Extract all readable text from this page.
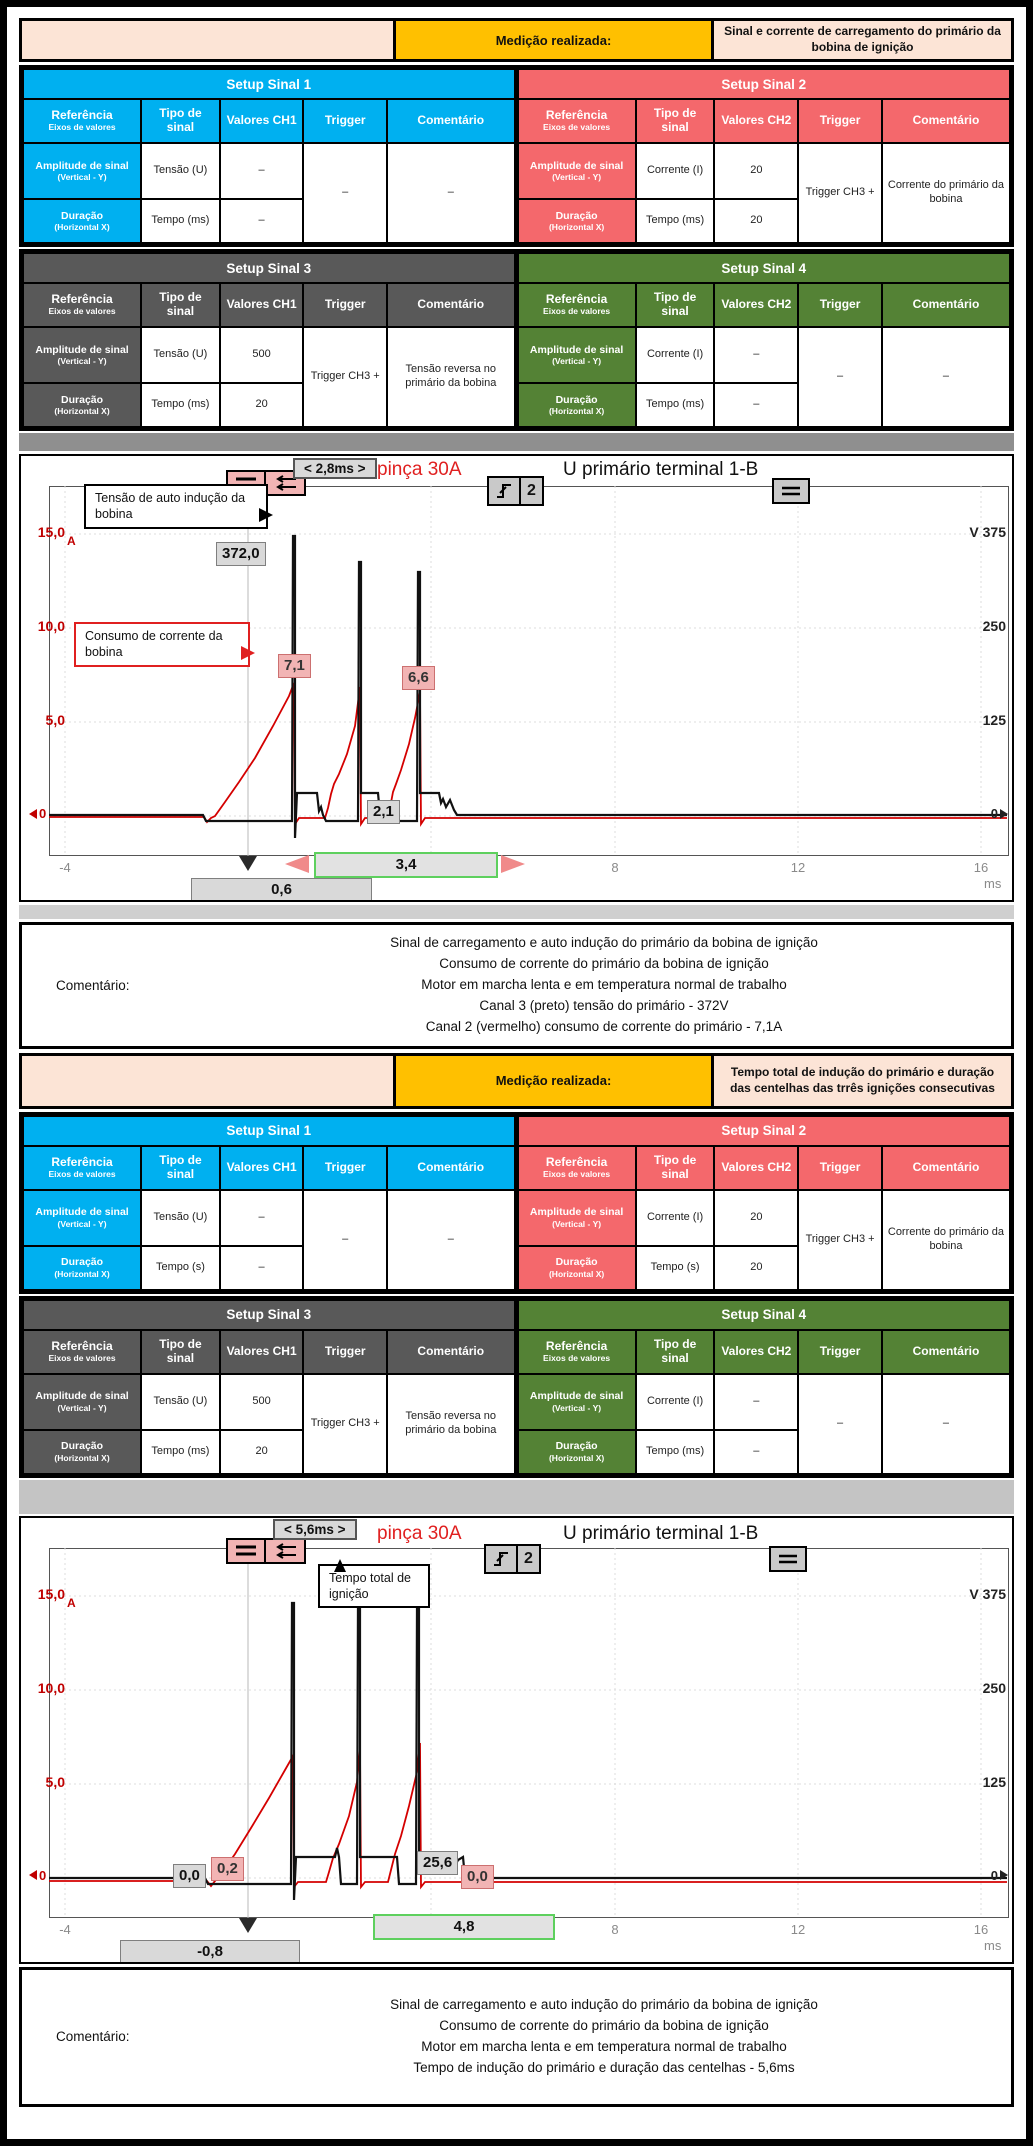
Medição realizada:
Sinal e corrente de carregamento do primário da bobina de ignição
Setup Sinal 1				
Referência
Eixos de valores	Tipo de sinal	Valores CH1	Trigger	Comentário
Amplitude de sinal
(Vertical - Y)	Tensão (U)	–	–	–
Duração
(Horizontal X)	Tempo (ms)	–		
Setup Sinal 2				
Referência
Eixos de valores	Tipo de sinal	Valores CH2	Trigger	Comentário
Amplitude de sinal
(Vertical - Y)	Corrente (I)	20	Trigger CH3 +	Corrente do primário da bobina
Duração
(Horizontal X)	Tempo (ms)	20		
Setup Sinal 3				
Referência
Eixos de valores	Tipo de sinal	Valores CH1	Trigger	Comentário
Amplitude de sinal
(Vertical - Y)	Tensão (U)	500	Trigger CH3 +	Tensão reversa no primário da bobina
Duração
(Horizontal X)	Tempo (ms)	20		
Setup Sinal 4				
Referência
Eixos de valores	Tipo de sinal	Valores CH2	Trigger	Comentário
Amplitude de sinal
(Vertical - Y)	Corrente (I)	–	–	–
Duração
(Horizontal X)	Tempo (ms)	–		
< 2,8ms > pinça 30A	U primário terminal 1-B
Tensão de auto indução da bobina
372,0
2
Consumo de corrente da bobina
7,1
6,6
2,1
15,0
A
10,0
5,0
0
V 375
250
125
0
-4	8	12	16
ms
3,4
0,6
Comentário:
Sinal de carregamento e auto indução do primário da bobina de ignição
Consumo de corrente do primário da bobina de ignição
Motor em marcha lenta e em temperatura normal de trabalho
Canal 3 (preto) tensão do primário - 372V
Canal 2 (vermelho) consumo de corrente do primário - 7,1A
Medição realizada:
Tempo total de indução do primário e duração das centelhas das trrês ignições consecutivas
Setup Sinal 1				
Referência
Eixos de valores	Tipo de sinal	Valores CH1	Trigger	Comentário
Amplitude de sinal
(Vertical - Y)	Tensão (U)	–	–	–
Duração
(Horizontal X)	Tempo (s)	–		
Setup Sinal 2				
Referência
Eixos de valores	Tipo de sinal	Valores CH2	Trigger	Comentário
Amplitude de sinal
(Vertical - Y)	Corrente (I)	20	Trigger CH3 +	Corrente do primário da bobina
Duração
(Horizontal X)	Tempo (s)	20		
Setup Sinal 3				
Referência
Eixos de valores	Tipo de sinal	Valores CH1	Trigger	Comentário
Amplitude de sinal
(Vertical - Y)	Tensão (U)	500	Trigger CH3 +	Tensão reversa no primário da bobina
Duração
(Horizontal X)	Tempo (ms)	20		
Setup Sinal 4				
Referência
Eixos de valores	Tipo de sinal	Valores CH2	Trigger	Comentário
Amplitude de sinal
(Vertical - Y)	Corrente (I)	–	–	–
Duração
(Horizontal X)	Tempo (ms)	–		
< 5,6ms >	pinça 30A	U primário terminal 1-B
Tempo total de ignição
2
0,0	0,2	25,6
0,0
15,0
A
10,0
5,0
0
V 375
250
125
0
-4	8	12	16
ms
4,8
-0,8
Comentário:
Sinal de carregamento e auto indução do primário da bobina de ignição
Consumo de corrente do primário da bobina de ignição
Motor em marcha lenta e em temperatura normal de trabalho
Tempo de indução do primário e duração das centelhas - 5,6ms
